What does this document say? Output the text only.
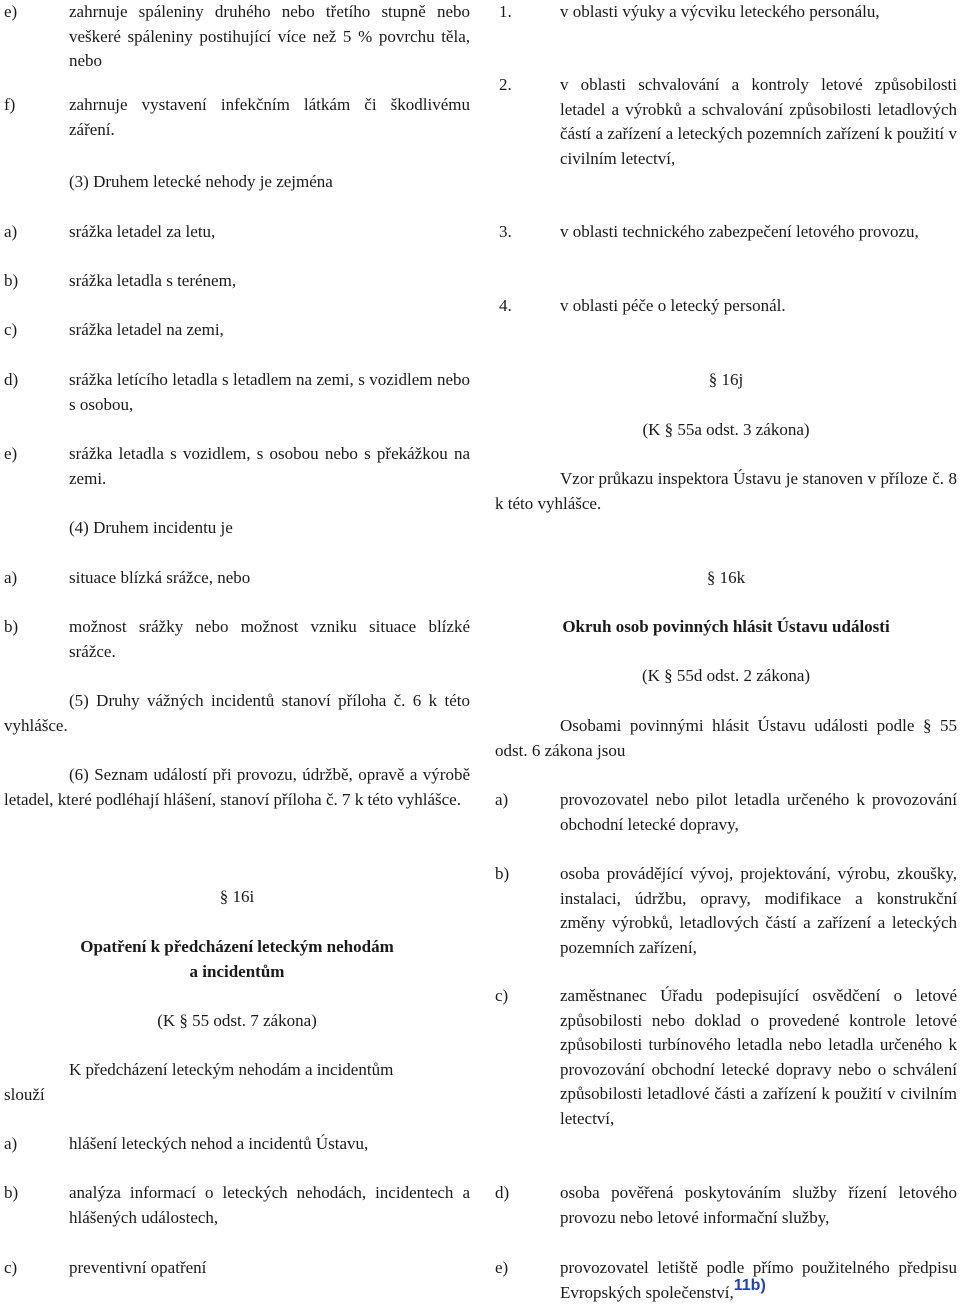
e)	zahrnuje spáleniny druhého nebo třetího stupně nebo veškeré spáleniny postihující více než 5 % povrchu těla, nebo
f)	zahrnuje vystavení infekčním látkám či škodlivému záření.
(3) Druhem letecké nehody je zejména
a)	srážka letadel za letu,
b)	srážka letadla s terénem,
c)	srážka letadel na zemi,
d)	srážka letícího letadla s letadlem na zemi, s vozidlem nebo s osobou,
e)	srážka letadla s vozidlem, s osobou nebo s překážkou na zemi.
(4) Druhem incidentu je
a)	situace blízká srážce, nebo
b)	možnost srážky nebo možnost vzniku situace blízké srážce.
(5) Druhy vážných incidentů stanoví příloha č. 6 k této vyhlášce.
(6) Seznam událostí při provozu, údržbě, opravě a výrobě letadel, které podléhají hlášení, stanoví příloha č. 7 k této vyhlášce.
§ 16i
Opatření k předcházení leteckým nehodám
a incidentům
(K § 55 odst. 7 zákona)
K předcházení leteckým nehodám a incidentům
slouží
a)	hlášení leteckých nehod a incidentů Ústavu,
b)	analýza informací o leteckých nehodách, incidentech a hlášených událostech,
c)	preventivní opatření
1.	v oblasti výuky a výcviku leteckého personálu,
2.	v oblasti schvalování a kontroly letové způsobilosti letadel a výrobků a schvalování způsobilosti letadlových částí a zařízení a leteckých pozemních zařízení k použití v civilním letectví,
3.	v oblasti technického zabezpečení letového provozu,
4.	v oblasti péče o letecký personál.
§ 16j
(K § 55a odst. 3 zákona)
Vzor průkazu inspektora Ústavu je stanoven v příloze č. 8 k této vyhlášce.
§ 16k
Okruh osob povinných hlásit Ústavu události
(K § 55d odst. 2 zákona)
Osobami povinnými hlásit Ústavu události podle § 55 odst. 6 zákona jsou
a)	provozovatel nebo pilot letadla určeného k provozování obchodní letecké dopravy,
b)	osoba provádějící vývoj, projektování, výrobu, zkoušky, instalaci, údržbu, opravy, modifikace a konstrukční změny výrobků, letadlových částí a zařízení a leteckých pozemních zařízení,
c)	zaměstnanec Úřadu podepisující osvědčení o letové způsobilosti nebo doklad o provedené kontrole letové způsobilosti turbínového letadla nebo letadla určeného k provozování obchodní letecké dopravy nebo o schválení způsobilosti letadlové části a zařízení k použití v civilním letectví,
d)	osoba pověřená poskytováním služby řízení letového provozu nebo letové informační služby,
e)	provozovatel letiště podle přímo použitelného předpisu Evropských společenství,11b)
